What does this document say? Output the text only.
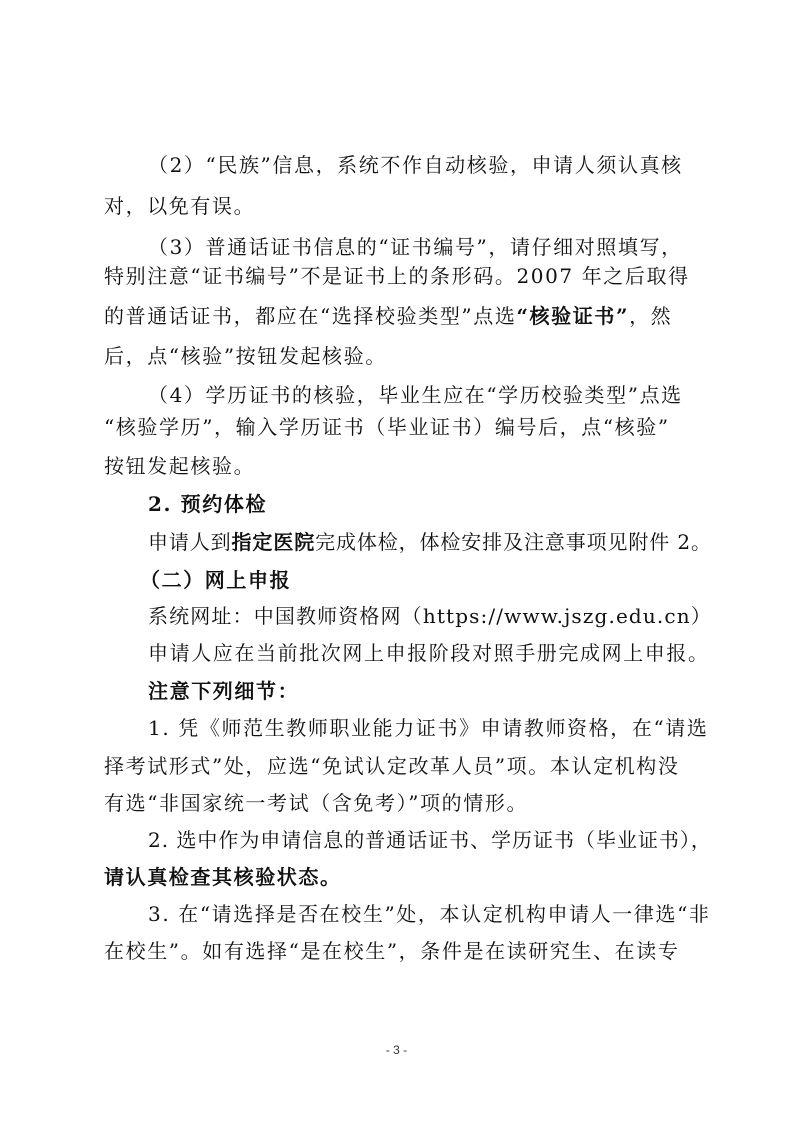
（2）“民族”信息，系统不作自动核验，申请人须认真核
对，以免有误。
（3）普通话证书信息的“证书编号”，请仔细对照填写，
特别注意“证书编号”不是证书上的条形码。2007 年之后取得
的普通话证书，都应在“选择校验类型”点选“核验证书”，然
后，点“核验”按钮发起核验。
（4）学历证书的核验，毕业生应在“学历校验类型”点选
“核验学历”，输入学历证书（毕业证书）编号后，点“核验”
按钮发起核验。
2. 预约体检
申请人到指定医院完成体检，体检安排及注意事项见附件 2。
（二）网上申报
系统网址：中国教师资格网（https://www.jszg.edu.cn）
申请人应在当前批次网上申报阶段对照手册完成网上申报。
注意下列细节：
1. 凭《师范生教师职业能力证书》申请教师资格，在“请选
择考试形式”处，应选“免试认定改革人员”项。本认定机构没
有选“非国家统一考试（含免考）”项的情形。
2. 选中作为申请信息的普通话证书、学历证书（毕业证书），
请认真检查其核验状态。
3. 在“请选择是否在校生”处，本认定机构申请人一律选“非
在校生”。如有选择“是在校生”，条件是在读研究生、在读专
- 3 -
